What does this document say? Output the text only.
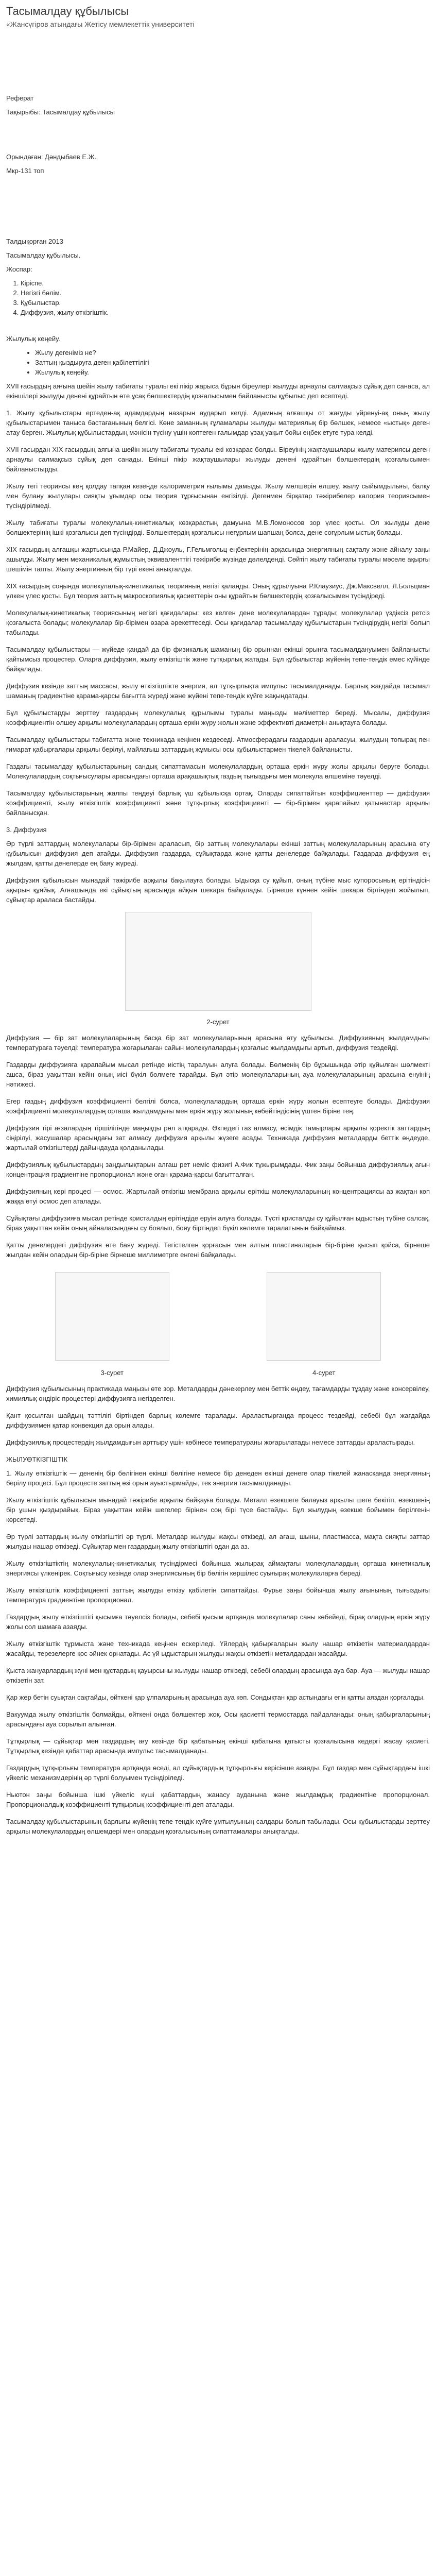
Тасымалдау құбылысы
«Жансүгіров атындағы Жетісу мемлекеттік университеті

Реферат

Тақырыбы: Тасымалдау құбылысы

Орындаған: Дәндыбаев Е.Ж.

Мкр-131 топ

Талдықорған 2013

Тасымалдау құбылысы.

Жоспар:

1. Кіріспе.
2. Негізгі бөлім.
3. Құбылыстар.
4. Диффузия, жылу өткізгіштік.

Жылулық кеңейу.

• Жылу дегеніміз не?
• Заттың қыздыруға деген қабілеттілігі
• Жылулық кеңейу.

XVІІ ғасырдың аяғына шейін жылу табиғаты туралы екі пікір жарыса бұрын біреулері жылуды арнаулы салмақсыз сұйық деп санаса, ал екіншілері жылуды денені құрайтын өте ұсақ бөлшектердің қозғалысымен байланысты құбылыс деп есептеді.

1. Жылу құбылыстары ертеден-ақ адамдардың назарын аударып келді. Адамның алғашқы от жағуды үйренуі-ақ оның жылу құбылыстарымен таныса бастағанының белгісі. Көне заманның ғұламалары жылуды материялық бір бөлшек, немесе «ыстық» деген атау берген. Жылулық құбылыстардың мәнісін түсіну үшін көптеген ғалымдар ұзақ уақыт бойы еңбек етуге тура келді.

XVІІ ғасырдан ХІХ ғасырдың аяғына шейін жылу табиғаты туралы екі көзқарас болды. Біреуінің жақтаушылары жылу материясы деген арнаулы салмақсыз сұйық деп санады. Екінші пікір жақтаушылары жылуды денені құрайтын бөлшектердің қозғалысымен байланыстырды.

Жылу тегі теориясы кең қолдау тапқан кезеңде калориметрия ғылымы дамыды. Жылу мөлшерін өлшеу, жылу сыйымдылығы, балқу мен булану жылулары сияқты ұғымдар осы теория тұрғысынан енгізілді. Дегенмен бірқатар тәжірибелер калория теориясымен түсіндірілмеді.

Жылу табиғаты туралы молекулалық-кинетикалық көзқарастың дамуына М.В.Ломоносов зор үлес қосты. Ол жылуды дене бөлшектерінің ішкі қозғалысы деп түсіндірді. Бөлшектердің қозғалысы неғұрлым шапшаң болса, дене соғұрлым ыстық болады.

ХІХ ғасырдың алғашқы жартысында Р.Майер, Д.Джоуль, Г.Гельмгольц еңбектерінің арқасында энергияның сақталу және айналу заңы ашылды. Жылу мен механикалық жұмыстың эквиваленттігі тәжірибе жүзінде дәлелденді. Сөйтіп жылу табиғаты туралы мәселе ақырғы шешімін тапты. Жылу энергияның бір түрі екені анықталды.

ХІХ ғасырдың соңында молекулалық-кинетикалық теорияның негізі қаланды. Оның құрылуына Р.Клаузиус, Дж.Максвелл, Л.Больцман үлкен үлес қосты. Бұл теория заттың макроскопиялық қасиеттерін оны құрайтын бөлшектердің қозғалысымен түсіндіреді.

Молекулалық-кинетикалық теориясының негізгі қағидалары: кез келген дене молекулалардан тұрады; молекулалар үздіксіз ретсіз қозғалыста болады; молекулалар бір-бірімен өзара әрекеттеседі. Осы қағидалар тасымалдау құбылыстарын түсіндірудің негізі болып табылады.

Тасымалдау құбылыстары — жүйеде қандай да бір физикалық шаманың бір орыннан екінші орынға тасымалдануымен байланысты қайтымсыз процестер. Оларға диффузия, жылу өткізгіштік және тұтқырлық жатады. Бұл құбылыстар жүйенің тепе-теңдік емес күйінде байқалады.

Диффузия кезінде заттың массасы, жылу өткізгіштікте энергия, ал тұтқырлықта импульс тасымалданады. Барлық жағдайда тасымал шаманың градиентіне қарама-қарсы бағытта жүреді және жүйені тепе-теңдік күйге жақындатады.

Бұл құбылыстарды зерттеу газдардың молекулалық құрылымы туралы маңызды мәліметтер береді. Мысалы, диффузия коэффициентін өлшеу арқылы молекулалардың орташа еркін жүру жолын және эффективті диаметрін анықтауға болады.

Тасымалдау құбылыстары табиғатта және техникада кеңінен кездеседі. Атмосферадағы газдардың араласуы, жылудың топырақ пен ғимарат қабырғалары арқылы берілуі, майлағыш заттардың жұмысы осы құбылыстармен тікелей байланысты.

Газдағы тасымалдау құбылыстарының сандық сипаттамасын молекулалардың орташа еркін жүру жолы арқылы беруге болады. Молекулалардың соқтығысулары арасындағы орташа арақашықтық газдың тығыздығы мен молекула өлшеміне тәуелді.

Тасымалдау құбылыстарының жалпы теңдеуі барлық үш құбылысқа ортақ. Оларды сипаттайтын коэффициенттер — диффузия коэффициенті, жылу өткізгіштік коэффициенті және тұтқырлық коэффициенті — бір-бірімен қарапайым қатынастар арқылы байланысқан.

3. Диффузия

Әр түрлі заттардың молекулалары бір-бірімен араласып, бір заттың молекулалары екінші заттың молекулаларының арасына өту құбылысын диффузия деп атайды. Диффузия газдарда, сұйықтарда және қатты денелерде байқалады. Газдарда диффузия ең жылдам, қатты денелерде ең баяу жүреді.

Диффузия құбылысын мынадай тәжірибе арқылы бақылауға болады. Ыдысқа су құйып, оның түбіне мыс купоросының ерітіндісін ақырын құяйық. Алғашында екі сұйықтың арасында айқын шекара байқалады. Бірнеше күннен кейін шекара біртіндеп жойылып, сұйықтар араласа бастайды.

2-сурет

Диффузия — бір зат молекулаларының басқа бір зат молекулаларының арасына өту құбылысы. Диффузияның жылдамдығы температураға тәуелді: температура жоғарылаған сайын молекулалардың қозғалыс жылдамдығы артып, диффузия тездейді.

Газдарды диффузияға қарапайым мысал ретінде иістің таралуын алуға болады. Бөлменің бір бұрышында әтір құйылған шөлмекті ашса, біраз уақыттан кейін оның иісі бүкіл бөлмеге тарайды. Бұл әтір молекулаларының ауа молекулаларының арасына енуінің нәтижесі.

Егер газдың диффузия коэффициенті белгілі болса, молекулалардың орташа еркін жүру жолын есептеуге болады. Диффузия коэффициенті молекулалардың орташа жылдамдығы мен еркін жүру жолының көбейтіндісінің үштен біріне тең.

Диффузия тірі ағзалардың тіршілігінде маңызды рөл атқарады. Өкпедегі газ алмасу, өсімдік тамырлары арқылы қоректік заттардың сіңірілуі, жасушалар арасындағы зат алмасу диффузия арқылы жүзеге асады. Техникада диффузия металдарды беттік өңдеуде, жартылай өткізгіштерді дайындауда қолданылады.

Диффузиялық құбылыстардың заңдылықтарын алғаш рет неміс физигі А.Фик тұжырымдады. Фик заңы бойынша диффузиялық ағын концентрация градиентіне пропорционал және оған қарама-қарсы бағытталған.

Диффузияның кері процесі — осмос. Жартылай өткізгіш мембрана арқылы еріткіш молекулаларының концентрациясы аз жақтан көп жаққа өтуі осмос деп аталады.

Сұйықтағы диффузияға мысал ретінде кристалдың ерітіндіде еруін алуға болады. Түсті кристалды су құйылған ыдыстың түбіне салсақ, біраз уақыттан кейін оның айналасындағы су боялып, бояу біртіндеп бүкіл көлемге таралатынын байқаймыз.

Қатты денелердегі диффузия өте баяу жүреді. Тегістелген қорғасын мен алтын пластиналарын бір-біріне қысып қойса, бірнеше жылдан кейін олардың бір-біріне бірнеше миллиметрге енгені байқалады.

3-сурет	4-сурет

Диффузия құбылысының практикада маңызы өте зор. Металдарды дәнекерлеу мен беттік өңдеу, тағамдарды тұздау және консервілеу, химиялық өндіріс процестері диффузияға негізделген.

Қант қосылған шайдың тәттілігі біртіндеп барлық көлемге таралады. Араластырғанда процесс тездейді, себебі бұл жағдайда диффузиямен қатар конвекция да орын алады.

Диффузиялық процестердің жылдамдығын арттыру үшін көбінесе температураны жоғарылатады немесе заттарды араластырады.

ЖЫЛУӨТКІЗГІШТІК

1. Жылу өткізгіштік — дененің бір бөлігінен екінші бөлігіне немесе бір денеден екінші денеге олар тікелей жанасқанда энергияның берілу процесі. Бұл процесте заттың өзі орын ауыстырмайды, тек энергия тасымалданады.

Жылу өткізгіштік құбылысын мынадай тәжірибе арқылы байқауға болады. Металл өзекшеге балауыз арқылы шеге бекітіп, өзекшенің бір ұшын қыздырайық. Біраз уақыттан кейін шегелер бірінен соң бірі түсе бастайды. Бұл жылудың өзекше бойымен берілгенін көрсетеді.

Әр түрлі заттардың жылу өткізгіштігі әр түрлі. Металдар жылуды жақсы өткізеді, ал ағаш, шыны, пластмасса, мақта сияқты заттар жылуды нашар өткізеді. Сұйықтар мен газдардың жылу өткізгіштігі одан да аз.

Жылу өткізгіштіктің молекулалық-кинетикалық түсіндірмесі бойынша жылырақ аймақтағы молекулалардың орташа кинетикалық энергиясы үлкенірек. Соқтығысу кезінде олар энергиясының бір бөлігін көршілес суығырақ молекулаларға береді.

Жылу өткізгіштік коэффициенті заттың жылуды өткізу қабілетін сипаттайды. Фурье заңы бойынша жылу ағынының тығыздығы температура градиентіне пропорционал.

Газдардың жылу өткізгіштігі қысымға тәуелсіз болады, себебі қысым артқанда молекулалар саны көбейеді, бірақ олардың еркін жүру жолы сол шамаға азаяды.

Жылу өткізгіштік тұрмыста және техникада кеңінен ескеріледі. Үйлердің қабырғаларын жылу нашар өткізетін материалдардан жасайды, терезелерге қос әйнек орнатады. Ас үй ыдыстарын жылуды жақсы өткізетін металдардан жасайды.

Қыста жануарлардың жүні мен құстардың қауырсыны жылуды нашар өткізеді, себебі олардың арасында ауа бар. Ауа — жылуды нашар өткізетін зат.

Қар жер бетін суықтан сақтайды, өйткені қар ұлпаларының арасында ауа көп. Сондықтан қар астындағы егін қатты аяздан қорғалады.

Вакуумда жылу өткізгіштік болмайды, өйткені онда бөлшектер жоқ. Осы қасиетті термостарда пайдаланады: оның қабырғаларының арасындағы ауа сорылып алынған.

Тұтқырлық — сұйықтар мен газдардың ағу кезінде бір қабатының екінші қабатына қатысты қозғалысына кедергі жасау қасиеті. Тұтқырлық кезінде қабаттар арасында импульс тасымалданады.

Газдардың тұтқырлығы температура артқанда өседі, ал сұйықтардың тұтқырлығы керісінше азаяды. Бұл газдар мен сұйықтардағы ішкі үйкеліс механизмдерінің әр түрлі болуымен түсіндіріледі.

Ньютон заңы бойынша ішкі үйкеліс күші қабаттардың жанасу ауданына және жылдамдық градиентіне пропорционал. Пропорционалдық коэффициенті тұтқырлық коэффициенті деп аталады.

Тасымалдау құбылыстарының барлығы жүйенің тепе-теңдік күйге ұмтылуының салдары болып табылады. Осы құбылыстарды зерттеу арқылы молекулалардың өлшемдері мен олардың қозғалысының сипаттамалары анықталды.
